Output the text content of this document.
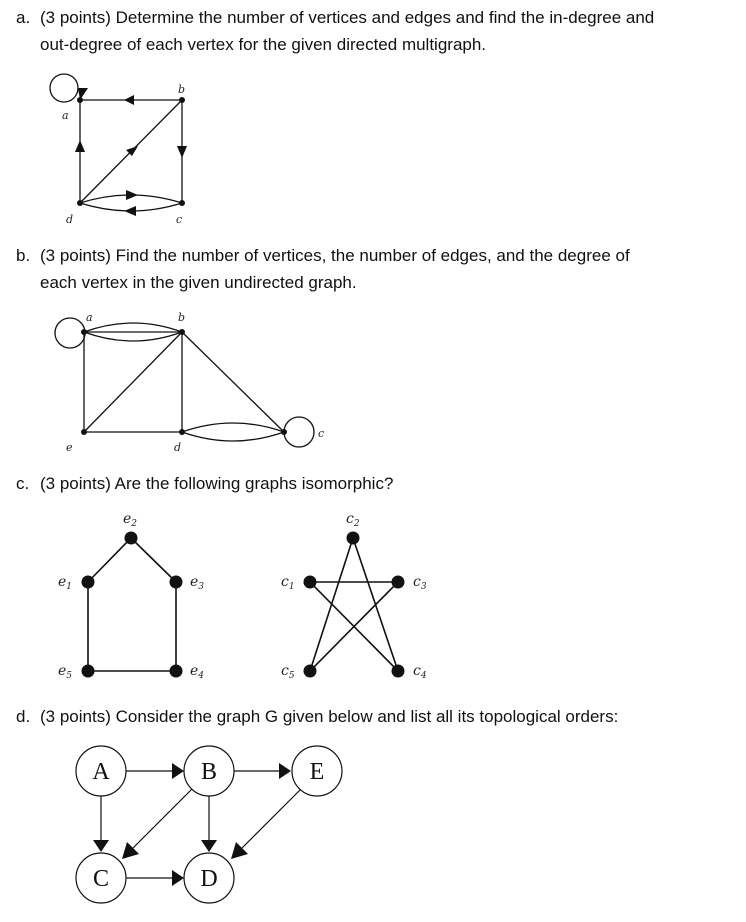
a. (3 points) Determine the number of vertices and edges and find the in-degree and
out-degree of each vertex for the given directed multigraph.
a
b
c
d
b. (3 points) Find the number of vertices, the number of edges, and the degree of
each vertex in the given undirected graph.
a	b
c
d
e
c. (3 points) Are the following graphs isomorphic?
$e_1$
$e_2$
$e_3$
$e_4$
$e_5$
$c_1$
$c_2$
$c_3$
$c_4$
$c_5$
d. (3 points) Consider the graph G given below and list all its topological orders:
A	B	E
C	D
